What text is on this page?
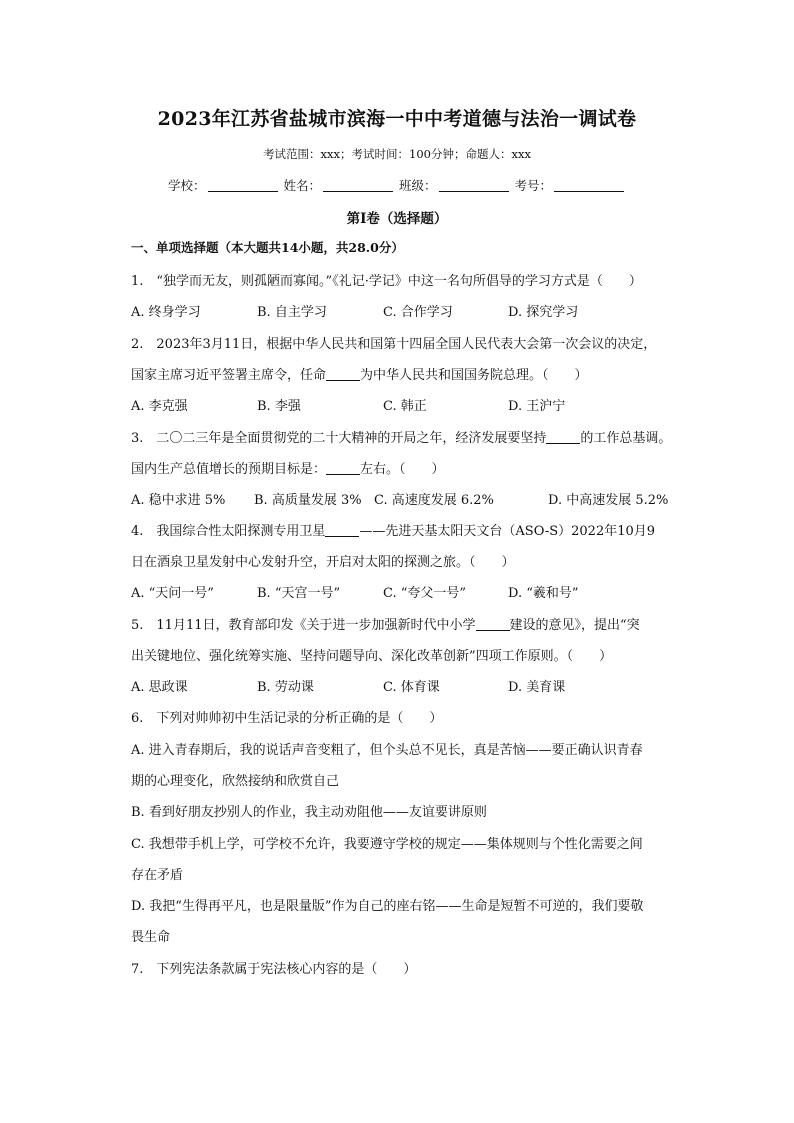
2023年江苏省盐城市滨海一中中考道德与法治一调试卷
考试范围：xxx；考试时间：100分钟；命题人：xxx
学校：	姓名：	班级：	考号：
第I卷（选择题）
一、单项选择题（本大题共14小题，共28.0分）
1.　“独学而无友，则孤陋而寡闻。”《礼记·学记》中这一名句所倡导的学习方式是（　　）
A. 终身学习	B. 自主学习	C. 合作学习	D. 探究学习
2.　2023年3月11日，根据中华人民共和国第十四届全国人民代表大会第一次会议的决定，
国家主席习近平签署主席令，任命	为中华人民共和国国务院总理。（　　）
A. 李克强	B. 李强	C. 韩正	D. 王沪宁
3.　二〇二三年是全面贯彻党的二十大精神的开局之年，经济发展要坚持	的工作总基调。
国内生产总值增长的预期目标是：	左右。（　　）
A. 稳中求进 5% B. 高质量发展 3% C. 高速度发展 6.2%	D. 中高速发展 5.2%
4.　我国综合性太阳探测专用卫星	——先进天基太阳天文台（ASO-S）2022年10月9
日在酒泉卫星发射中心发射升空，开启对太阳的探测之旅。（　　）
A. “天问一号”	B. “天宫一号”	C. “夸父一号”	D. “羲和号”
5.　11月11日，教育部印发《关于进一步加强新时代中小学	建设的意见》，提出“突
出关键地位、强化统筹实施、坚持问题导向、深化改革创新”四项工作原则。（　　）
A. 思政课	B. 劳动课	C. 体育课	D. 美育课
6.　下列对帅帅初中生活记录的分析正确的是（　　）
A. 进入青春期后，我的说话声音变粗了，但个头总不见长，真是苦恼——要正确认识青春
期的心理变化，欣然接纳和欣赏自己
B. 看到好朋友抄别人的作业，我主动劝阻他——友谊要讲原则
C. 我想带手机上学，可学校不允许，我要遵守学校的规定——集体规则与个性化需要之间
存在矛盾
D. 我把“生得再平凡，也是限量版”作为自己的座右铭——生命是短暂不可逆的，我们要敬
畏生命
7.　下列宪法条款属于宪法核心内容的是（　　）
